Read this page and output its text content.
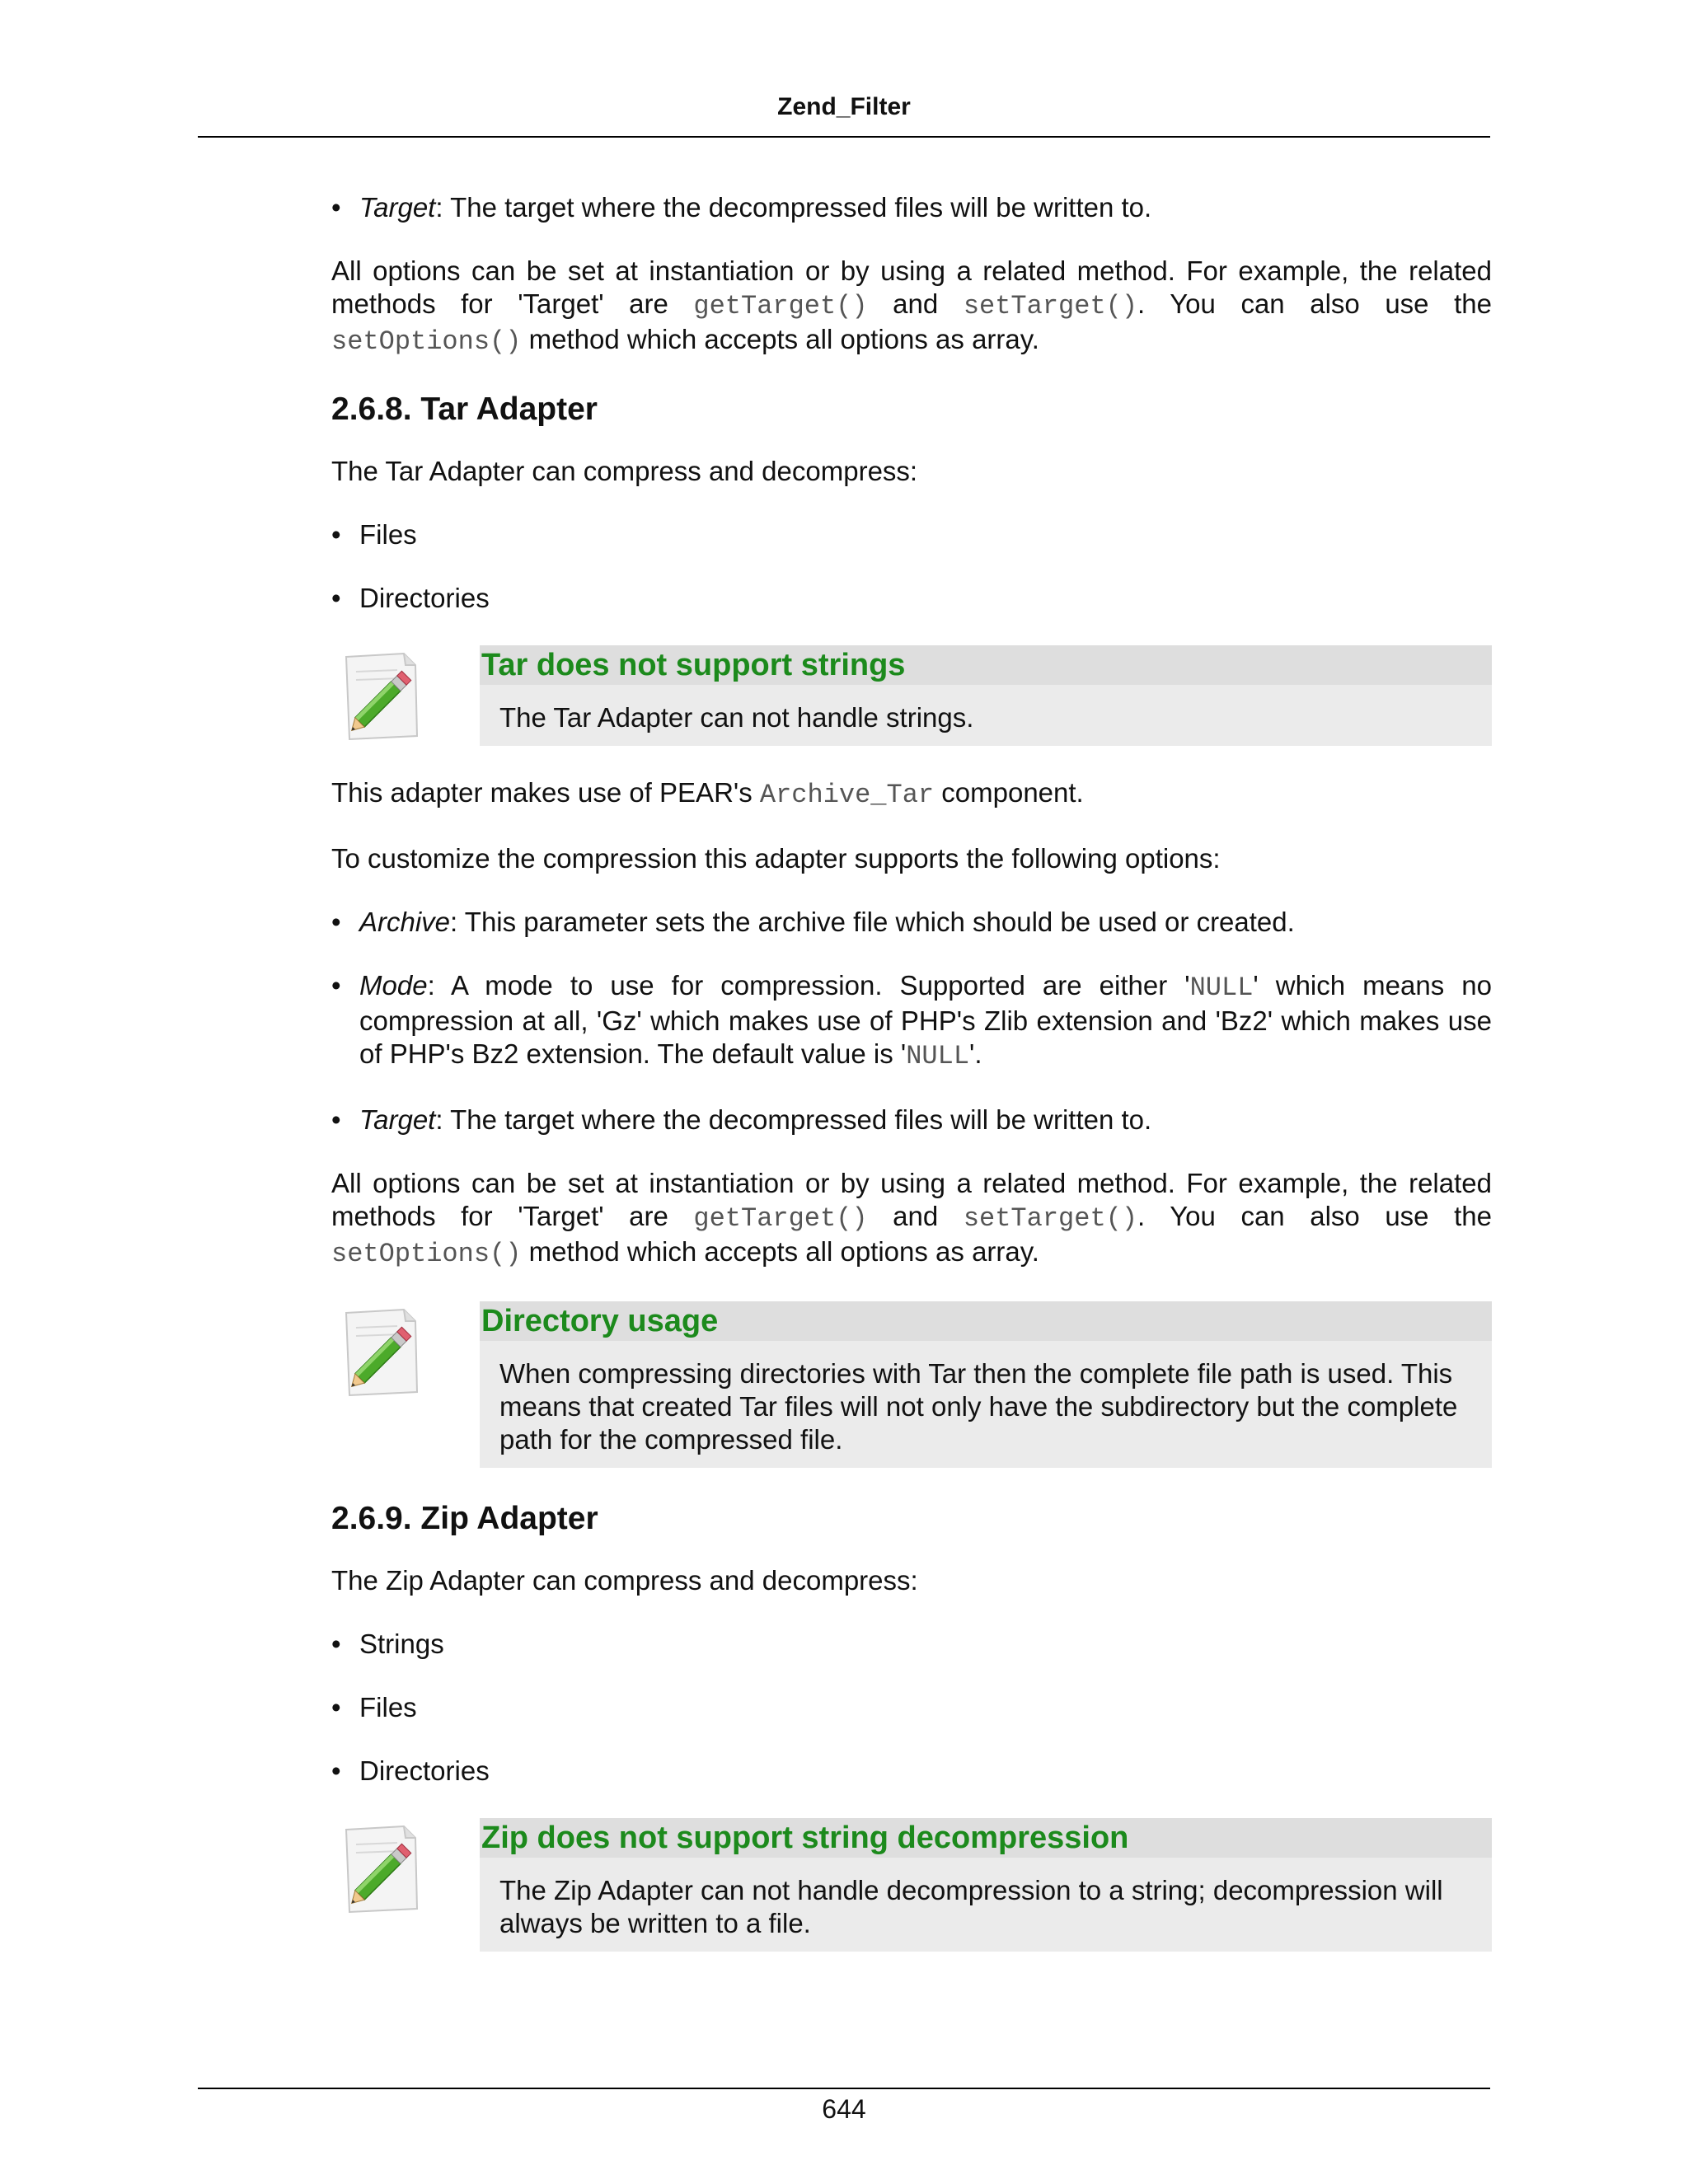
Zend_Filter
• Target: The target where the decompressed files will be written to.

All options can be set at instantiation or by using a related method. For example, the related methods for 'Target' are getTarget() and setTarget(). You can also use the setOptions() method which accepts all options as array.

2.6.8. Tar Adapter

The Tar Adapter can compress and decompress:

• Files
• Directories
Tar does not support strings
The Tar Adapter can not handle strings.

This adapter makes use of PEAR's Archive_Tar component.

To customize the compression this adapter supports the following options:

• Archive: This parameter sets the archive file which should be used or created.
• Mode: A mode to use for compression. Supported are either 'NULL' which means no compression at all, 'Gz' which makes use of PHP's Zlib extension and 'Bz2' which makes use of PHP's Bz2 extension. The default value is 'NULL'.
• Target: The target where the decompressed files will be written to.

All options can be set at instantiation or by using a related method. For example, the related methods for 'Target' are getTarget() and setTarget(). You can also use the setOptions() method which accepts all options as array.

Directory usage
When compressing directories with Tar then the complete file path is used. This means that created Tar files will not only have the subdirectory but the complete path for the compressed file.
2.6.9. Zip Adapter

The Zip Adapter can compress and decompress:

• Strings
• Files
• Directories
Zip does not support string decompression
The Zip Adapter can not handle decompression to a string; decompression will always be written to a file.
644
